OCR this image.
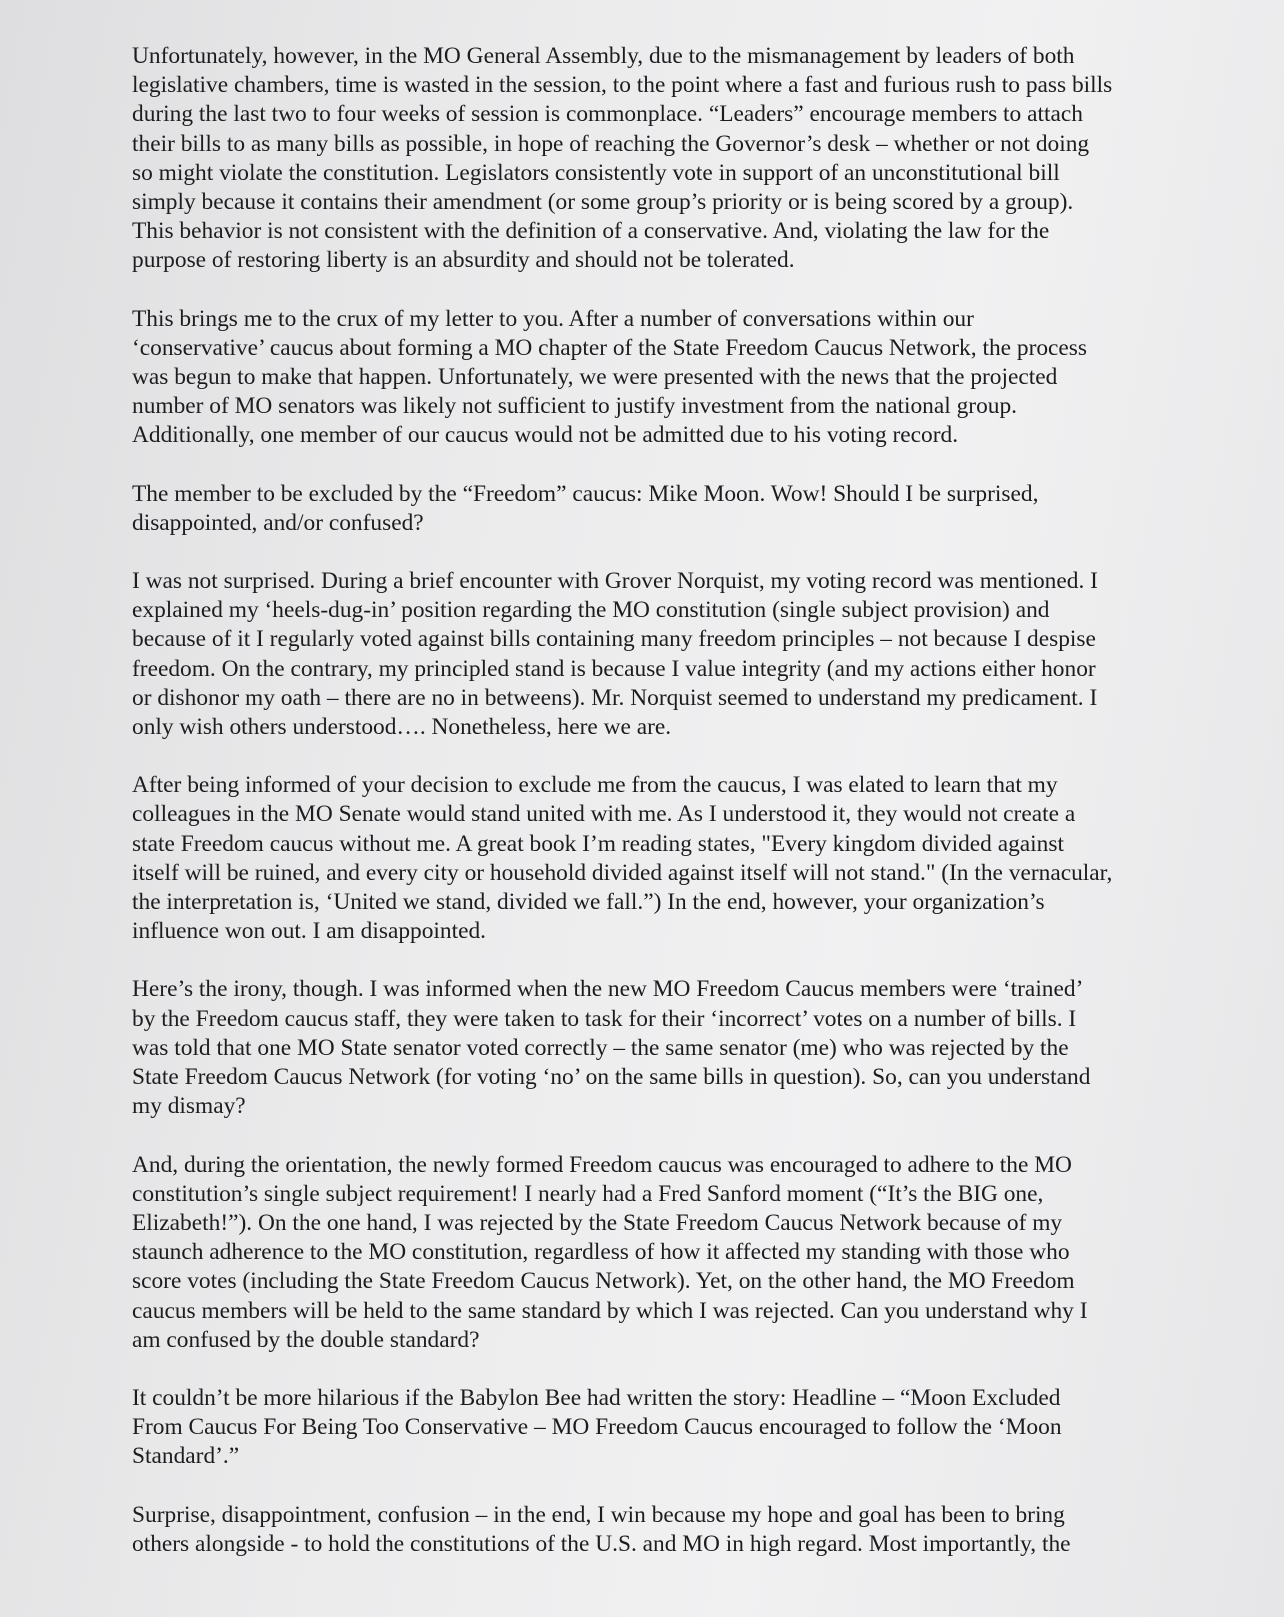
Unfortunately, however, in the MO General Assembly, due to the mismanagement by leaders of both
legislative chambers, time is wasted in the session, to the point where a fast and furious rush to pass bills
during the last two to four weeks of session is commonplace. “Leaders” encourage members to attach
their bills to as many bills as possible, in hope of reaching the Governor’s desk – whether or not doing
so might violate the constitution. Legislators consistently vote in support of an unconstitutional bill
simply because it contains their amendment (or some group’s priority or is being scored by a group).
This behavior is not consistent with the definition of a conservative. And, violating the law for the
purpose of restoring liberty is an absurdity and should not be tolerated.

This brings me to the crux of my letter to you. After a number of conversations within our
‘conservative’ caucus about forming a MO chapter of the State Freedom Caucus Network, the process
was begun to make that happen. Unfortunately, we were presented with the news that the projected
number of MO senators was likely not sufficient to justify investment from the national group.
Additionally, one member of our caucus would not be admitted due to his voting record.

The member to be excluded by the “Freedom” caucus: Mike Moon. Wow! Should I be surprised,
disappointed, and/or confused?

I was not surprised. During a brief encounter with Grover Norquist, my voting record was mentioned. I
explained my ‘heels-dug-in’ position regarding the MO constitution (single subject provision) and
because of it I regularly voted against bills containing many freedom principles – not because I despise
freedom. On the contrary, my principled stand is because I value integrity (and my actions either honor
or dishonor my oath – there are no in betweens). Mr. Norquist seemed to understand my predicament. I
only wish others understood…. Nonetheless, here we are.

After being informed of your decision to exclude me from the caucus, I was elated to learn that my
colleagues in the MO Senate would stand united with me. As I understood it, they would not create a
state Freedom caucus without me. A great book I’m reading states, "Every kingdom divided against
itself will be ruined, and every city or household divided against itself will not stand." (In the vernacular,
the interpretation is, ‘United we stand, divided we fall.”) In the end, however, your organization’s
influence won out. I am disappointed.

Here’s the irony, though. I was informed when the new MO Freedom Caucus members were ‘trained’
by the Freedom caucus staff, they were taken to task for their ‘incorrect’ votes on a number of bills. I
was told that one MO State senator voted correctly – the same senator (me) who was rejected by the
State Freedom Caucus Network (for voting ‘no’ on the same bills in question). So, can you understand
my dismay?

And, during the orientation, the newly formed Freedom caucus was encouraged to adhere to the MO
constitution’s single subject requirement! I nearly had a Fred Sanford moment (“It’s the BIG one,
Elizabeth!”). On the one hand, I was rejected by the State Freedom Caucus Network because of my
staunch adherence to the MO constitution, regardless of how it affected my standing with those who
score votes (including the State Freedom Caucus Network). Yet, on the other hand, the MO Freedom
caucus members will be held to the same standard by which I was rejected. Can you understand why I
am confused by the double standard?

It couldn’t be more hilarious if the Babylon Bee had written the story: Headline – “Moon Excluded
From Caucus For Being Too Conservative – MO Freedom Caucus encouraged to follow the ‘Moon
Standard’.”

Surprise, disappointment, confusion – in the end, I win because my hope and goal has been to bring
others alongside - to hold the constitutions of the U.S. and MO in high regard. Most importantly, the
